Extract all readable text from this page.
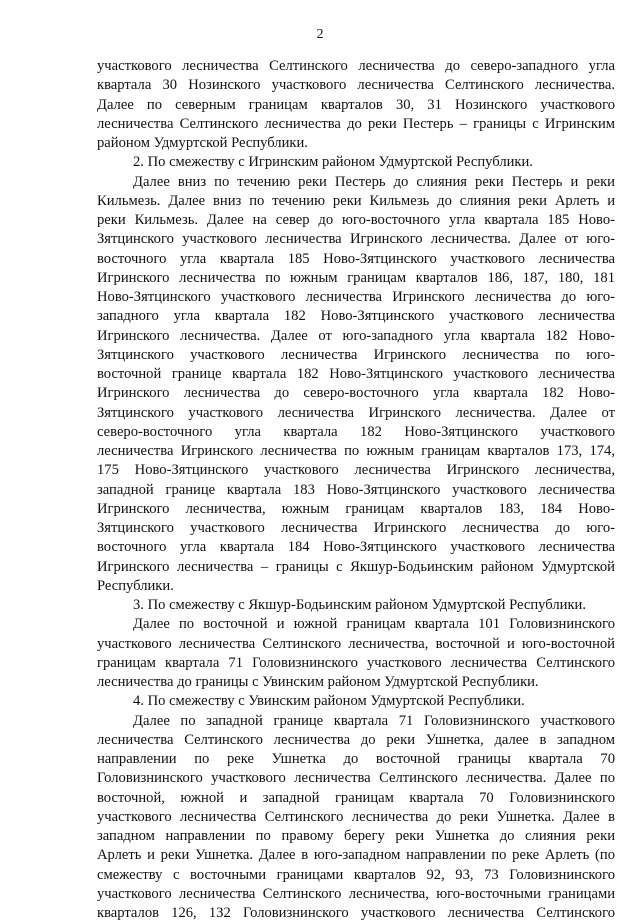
2

участкового лесничества Селтинского лесничества до северо-западного угла
квартала 30 Нозинского участкового лесничества Селтинского лесничества.
Далее по северным границам кварталов 30, 31 Нозинского участкового
лесничества Селтинского лесничества до реки Пестерь – границы с Игринским
районом Удмуртской Республики.
2. По смежеству с Игринским районом Удмуртской Республики.
Далее вниз по течению реки Пестерь до слияния реки Пестерь и реки
Кильмезь. Далее вниз по течению реки Кильмезь до слияния реки Арлеть и
реки Кильмезь. Далее на север до юго-восточного угла квартала 185 Ново-
Зятцинского участкового лесничества Игринского лесничества. Далее от юго-
восточного угла квартала 185 Ново-Зятцинского участкового лесничества
Игринского лесничества по южным границам кварталов 186, 187, 180, 181
Ново-Зятцинского участкового лесничества Игринского лесничества до юго-
западного угла квартала 182 Ново-Зятцинского участкового лесничества
Игринского лесничества. Далее от юго-западного угла квартала 182 Ново-
Зятцинского участкового лесничества Игринского лесничества по юго-
восточной границе квартала 182 Ново-Зятцинского участкового лесничества
Игринского лесничества до северо-восточного угла квартала 182 Ново-
Зятцинского участкового лесничества Игринского лесничества. Далее от
северо-восточного угла квартала 182 Ново-Зятцинского участкового
лесничества Игринского лесничества по южным границам кварталов 173, 174,
175 Ново-Зятцинского участкового лесничества Игринского лесничества,
западной границе квартала 183 Ново-Зятцинского участкового лесничества
Игринского лесничества, южным границам кварталов 183, 184 Ново-
Зятцинского участкового лесничества Игринского лесничества до юго-
восточного угла квартала 184 Ново-Зятцинского участкового лесничества
Игринского лесничества – границы с Якшур-Бодьинским районом Удмуртской
Республики.
3. По смежеству с Якшур-Бодьинским районом Удмуртской Республики.
Далее по восточной и южной границам квартала 101 Головизнинского
участкового лесничества Селтинского лесничества, восточной и юго-восточной
границам квартала 71 Головизнинского участкового лесничества Селтинского
лесничества до границы с Увинским районом Удмуртской Республики.
4. По смежеству с Увинским районом Удмуртской Республики.
Далее по западной границе квартала 71 Головизнинского участкового
лесничества Селтинского лесничества до реки Ушнетка, далее в западном
направлении по реке Ушнетка до восточной границы квартала 70
Головизнинского участкового лесничества Селтинского лесничества. Далее по
восточной, южной и западной границам квартала 70 Головизнинского
участкового лесничества Селтинского лесничества до реки Ушнетка. Далее в
западном направлении по правому берегу реки Ушнетка до слияния реки
Арлеть и реки Ушнетка. Далее в юго-западном направлении по реке Арлеть (по
смежеству с восточными границами кварталов 92, 93, 73 Головизнинского
участкового лесничества Селтинского лесничества, юго-восточными границами
кварталов 126, 132 Головизнинского участкового лесничества Селтинского
